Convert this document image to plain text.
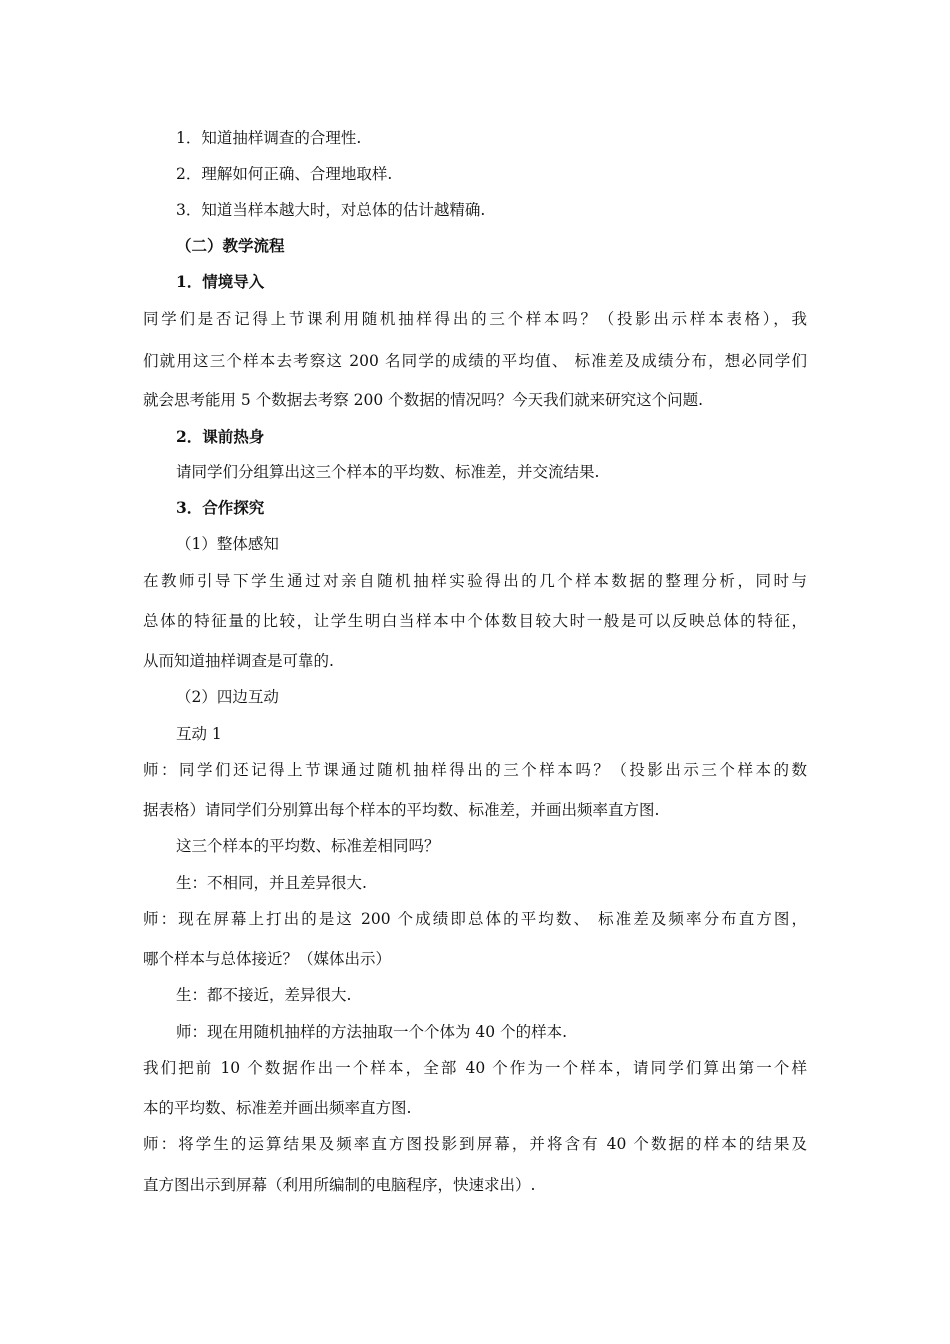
1．知道抽样调查的合理性.
2．理解如何正确、合理地取样.
3．知道当样本越大时，对总体的估计越精确.
（二）教学流程
1．情境导入
同学们是否记得上节课利用随机抽样得出的三个样本吗？（投影出示样本表格），我
们就用这三个样本去考察这 200 名同学的成绩的平均值、 标准差及成绩分布，想必同学们
就会思考能用 5 个数据去考察 200 个数据的情况吗？今天我们就来研究这个问题.
2．课前热身
请同学们分组算出这三个样本的平均数、标准差，并交流结果.
3．合作探究
（1）整体感知
在教师引导下学生通过对亲自随机抽样实验得出的几个样本数据的整理分析，同时与
总体的特征量的比较，让学生明白当样本中个体数目较大时一般是可以反映总体的特征，
从而知道抽样调查是可靠的.
（2）四边互动
互动 1
师：同学们还记得上节课通过随机抽样得出的三个样本吗？（投影出示三个样本的数
据表格）请同学们分别算出每个样本的平均数、标准差，并画出频率直方图.
这三个样本的平均数、标准差相同吗？
生：不相同，并且差异很大.
师：现在屏幕上打出的是这 200 个成绩即总体的平均数、 标准差及频率分布直方图，
哪个样本与总体接近？（媒体出示）
生：都不接近，差异很大.
师：现在用随机抽样的方法抽取一个个体为 40 个的样本.
我们把前 10 个数据作出一个样本，全部 40 个作为一个样本，请同学们算出第一个样
本的平均数、标准差并画出频率直方图.
师：将学生的运算结果及频率直方图投影到屏幕，并将含有 40 个数据的样本的结果及
直方图出示到屏幕（利用所编制的电脑程序，快速求出）.
